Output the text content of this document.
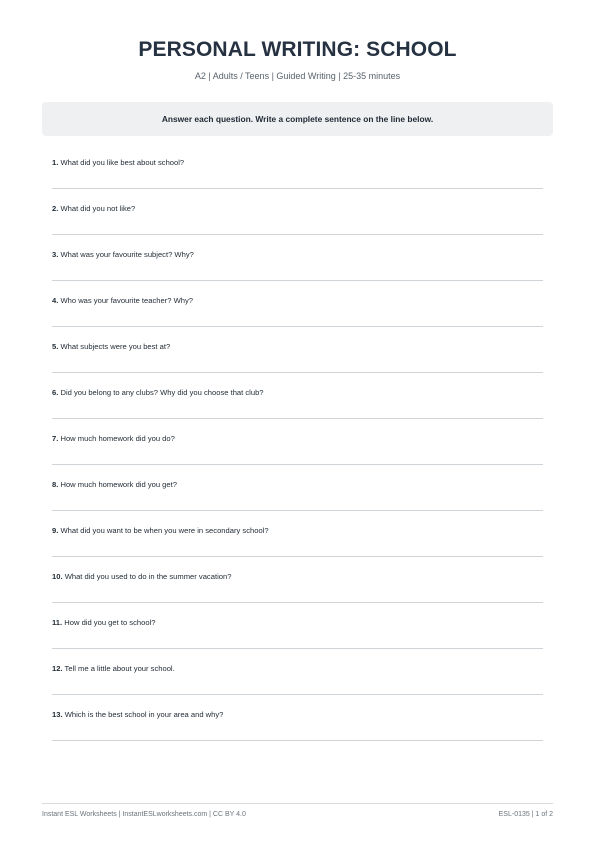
PERSONAL WRITING: SCHOOL
A2 | Adults / Teens | Guided Writing | 25-35 minutes
Answer each question. Write a complete sentence on the line below.
1. What did you like best about school?
2. What did you not like?
3. What was your favourite subject? Why?
4. Who was your favourite teacher? Why?
5. What subjects were you best at?
6. Did you belong to any clubs? Why did you choose that club?
7. How much homework did you do?
8. How much homework did you get?
9. What did you want to be when you were in secondary school?
10. What did you used to do in the summer vacation?
11. How did you get to school?
12. Tell me a little about your school.
13. Which is the best school in your area and why?
Instant ESL Worksheets | InstantESLworksheets.com | CC BY 4.0	ESL-0135 | 1 of 2
